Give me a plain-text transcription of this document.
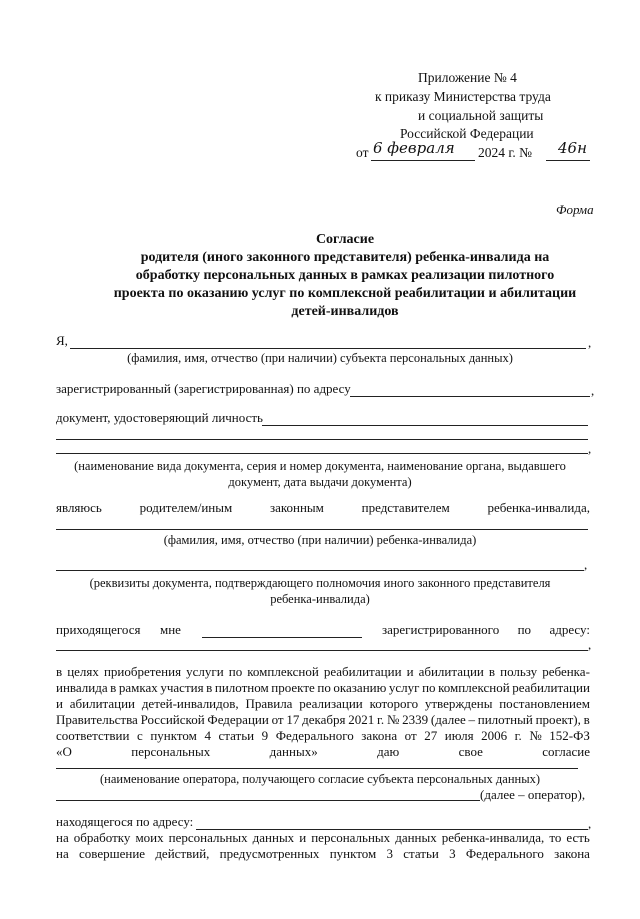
Приложение № 4
к приказу Министерства труда
и социальной защиты
Российской Федерации
от 6 февраля 2024 г. № 46н
Форма
Согласие
родителя (иного законного представителя) ребенка-инвалида на
обработку персональных данных в рамках реализации пилотного
проекта по оказанию услуг по комплексной реабилитации и абилитации
детей-инвалидов
Я,	,
(фамилия, имя, отчество (при наличии) субъекта персональных данных)
зарегистрированный (зарегистрированная) по адресу	,
документ, удостоверяющий личность
,
(наименование вида документа, серия и номер документа, наименование органа, выдавшего
документ, дата выдачи документа)
являюсь	родителем/иным	законным	представителем	ребенка-инвалида,
(фамилия, имя, отчество (при наличии) ребенка-инвалида)
,
(реквизиты документа, подтверждающего полномочия иного законного представителя
ребенка-инвалида)
приходящегося мне	зарегистрированного по адресу:
,
в целях приобретения услуги по комплексной реабилитации и абилитации в пользу ребенка-
инвалида в рамках участия в пилотном проекте по оказанию услуг по комплексной реабилитации
и абилитации детей-инвалидов, Правила реализации которого утверждены постановлением
Правительства Российской Федерации от 17 декабря 2021 г. № 2339 (далее – пилотный проект), в
соответствии с пунктом 4 статьи 9 Федерального закона от 27 июля 2006 г. № 152-ФЗ
«О	персональных	данных»	даю	свое	согласие
(наименование оператора, получающего согласие субъекта персональных данных)
(далее – оператор),
находящегося по адресу:	,
на обработку моих персональных данных и персональных данных ребенка-инвалида, то есть
на совершение действий, предусмотренных пунктом 3 статьи 3 Федерального закона
